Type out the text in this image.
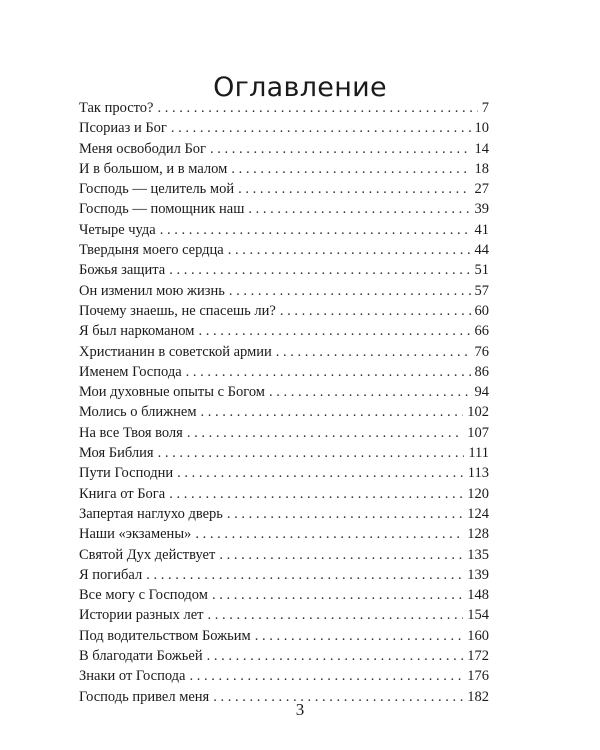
Оглавление
Так просто? . . .	7
Псориаз и Бог . . .	10
Меня освободил Бог . . .	14
И в большом, и в малом . . .	18
Господь — целитель мой . . .	27
Господь — помощник наш . . .	39
Четыре чуда . . .	41
Твердыня моего сердца . . .	44
Божья защита . . .	51
Он изменил мою жизнь . . .	57
Почему знаешь, не спасешь ли? . . .	60
Я был наркоманом . . .	66
Христианин в советской армии . . .	76
Именем Господа . . .	86
Мои духовные опыты с Богом . . .	94
Молись о ближнем . . .	102
На все Твоя воля . . .	107
Моя Библия . . .	111
Пути Господни . . .	113
Книга от Бога . . .	120
Запертая наглухо дверь . . .	124
Наши «экзамены» . . .	128
Святой Дух действует . . .	135
Я погибал . . .	139
Все могу с Господом . . .	148
Истории разных лет . . .	154
Под водительством Божьим . . .	160
В благодати Божьей . . .	172
Знаки от Господа . . .	176
Господь привел меня . . .	182
3
